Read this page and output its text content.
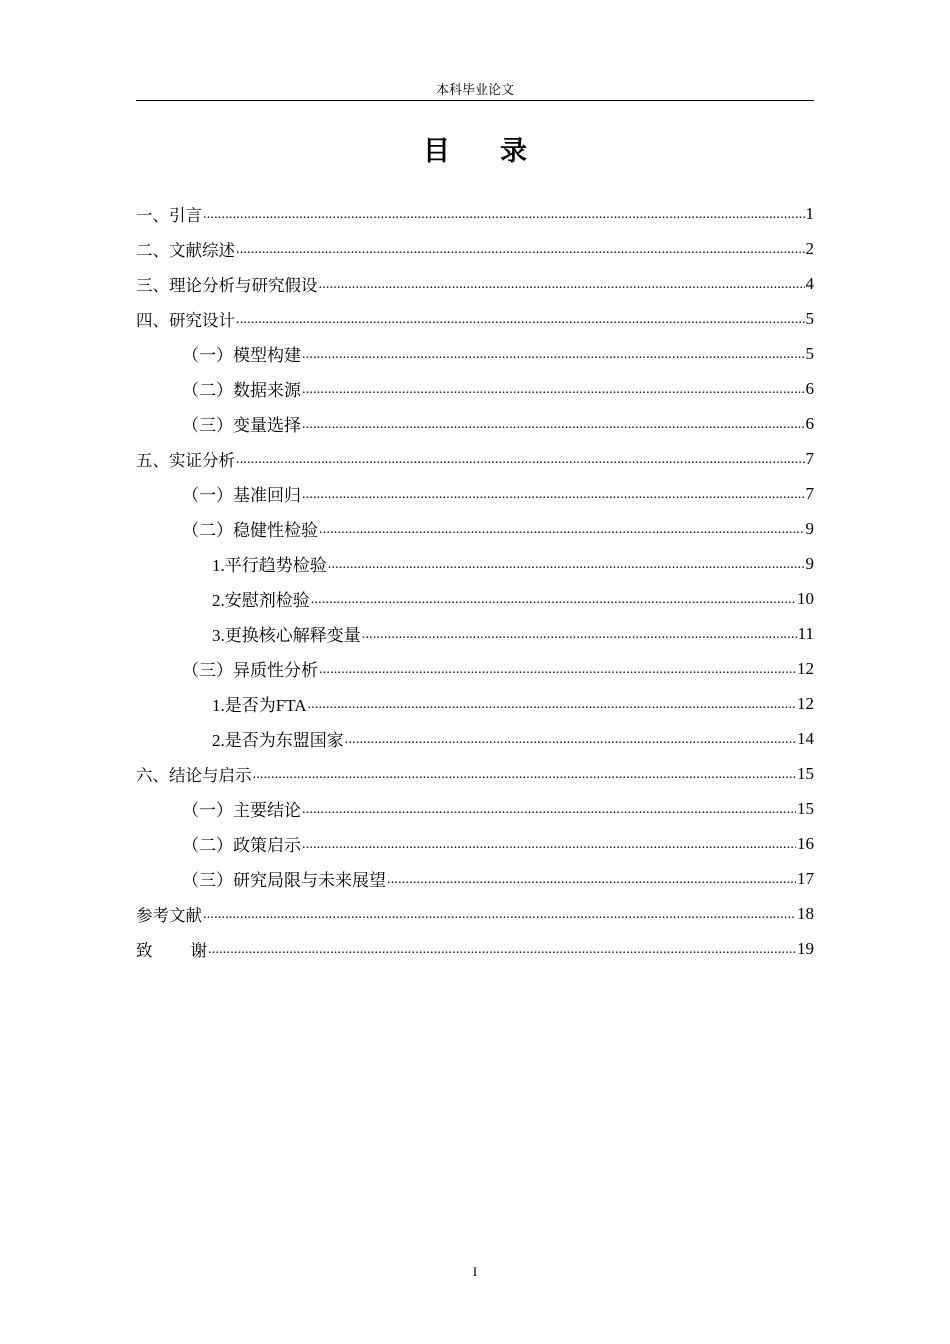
本科毕业论文
目 录
一、引言 .....	1
二、文献综述 .....	2
三、理论分析与研究假设 .....	4
四、研究设计 .....	5
（一）模型构建 .....	5
（二）数据来源 .....	6
（三）变量选择 .....	6
五、实证分析 .....	7
（一）基准回归 .....	7
（二）稳健性检验 .....	9
1.平行趋势检验 .....	9
2.安慰剂检验 .....	10
3.更换核心解释变量 .....	11
（三）异质性分析 .....	12
1.是否为FTA .....	12
2.是否为东盟国家 .....	14
六、结论与启示 .....	15
（一）主要结论 .....	15
（二）政策启示 .....	16
（三）研究局限与未来展望 .....	17
参考文献 .....	18
致 谢 .....	19
I
